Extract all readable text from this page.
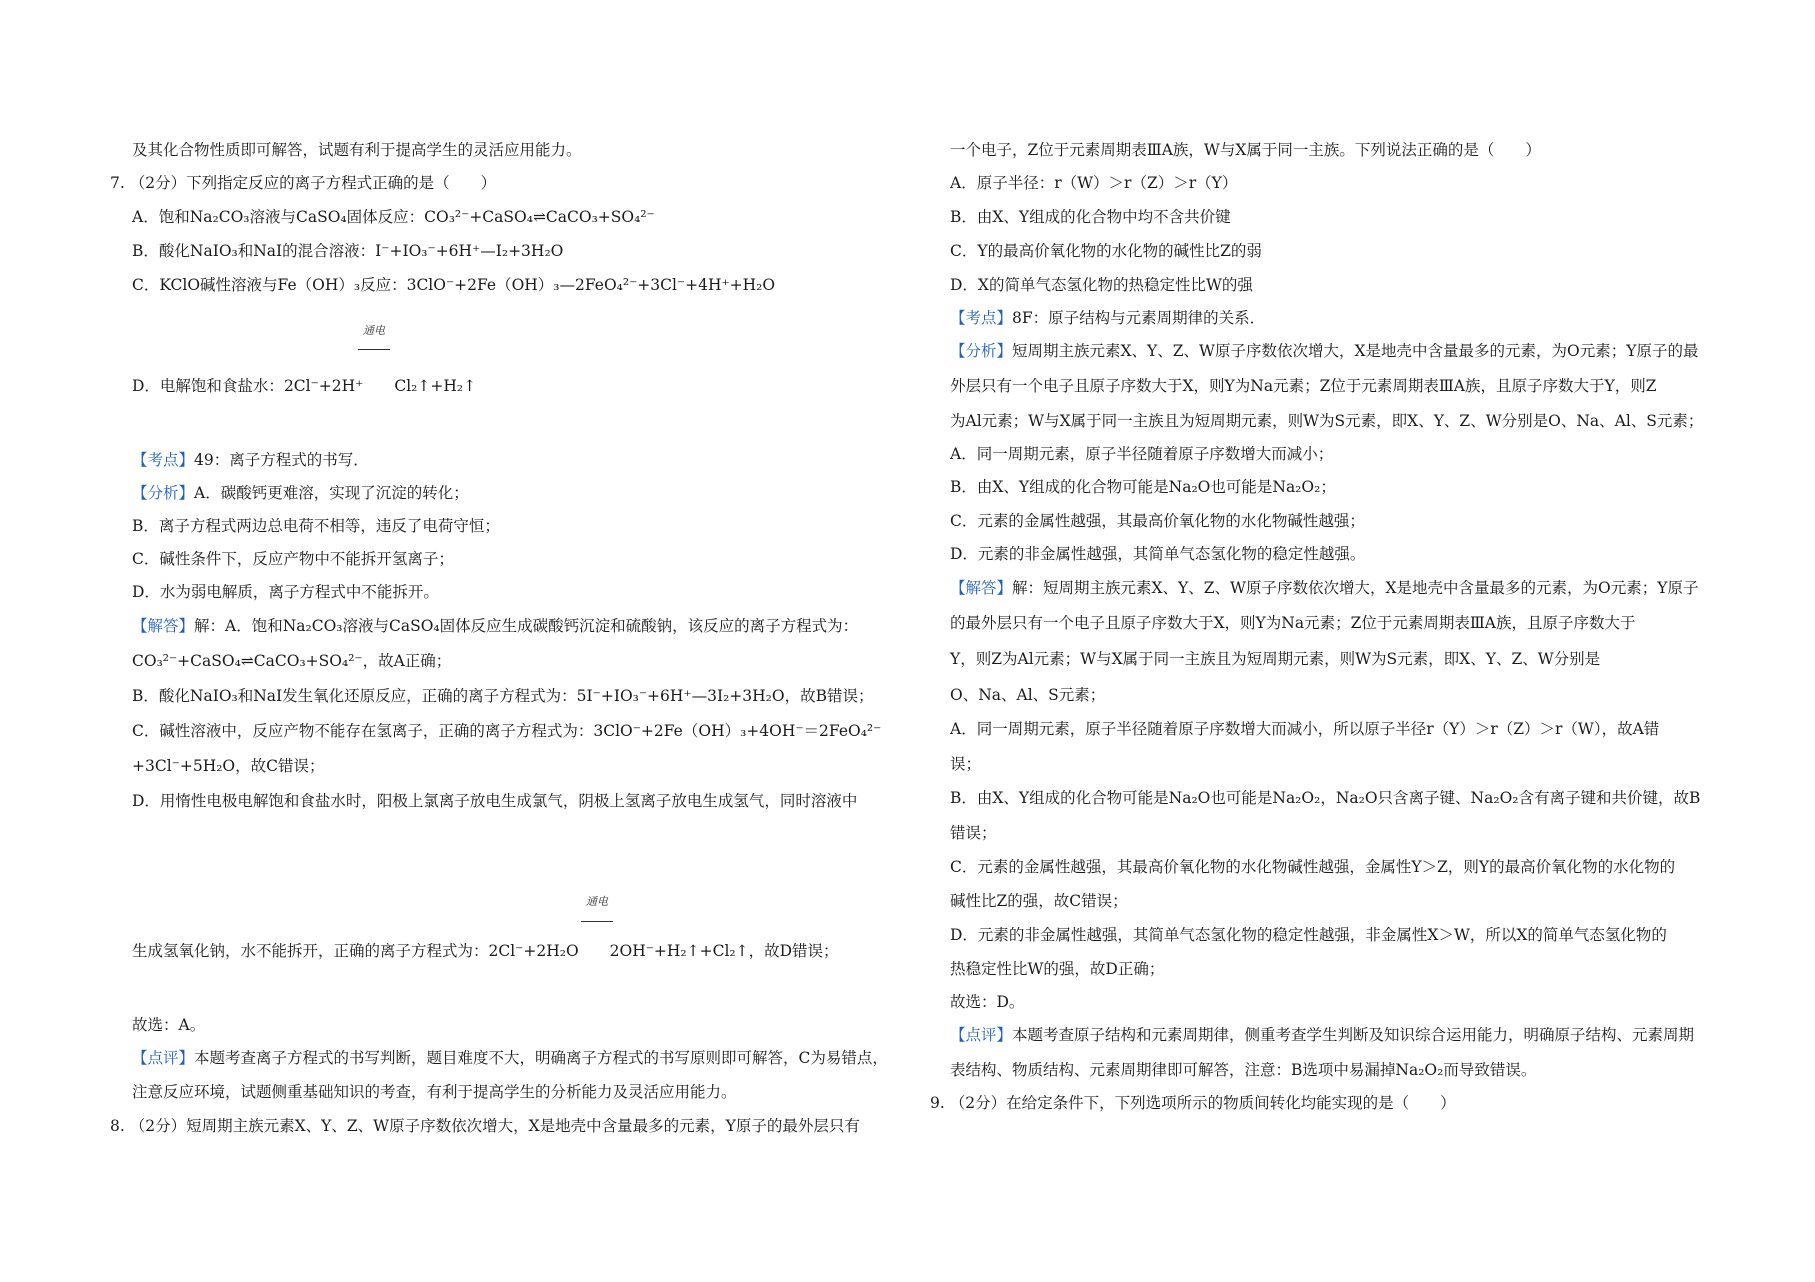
及其化合物性质即可解答，试题有利于提高学生的灵活应用能力。
7. （2分）下列指定反应的离子方程式正确的是（　　）
A．饱和Na₂CO₃溶液与CaSO₄固体反应：CO₃²⁻+CaSO₄⇌CaCO₃+SO₄²⁻
B．酸化NaIO₃和NaI的混合溶液：I⁻+IO₃⁻+6H⁺—I₂+3H₂O
C．KClO碱性溶液与Fe（OH）₃反应：3ClO⁻+2Fe（OH）₃—2FeO₄²⁻+3Cl⁻+4H⁺+H₂O
通电
D．电解饱和食盐水：2Cl⁻+2H⁺　　Cl₂↑+H₂↑
【考点】49：离子方程式的书写．
【分析】A．碳酸钙更难溶，实现了沉淀的转化；
B．离子方程式两边总电荷不相等，违反了电荷守恒；
C．碱性条件下，反应产物中不能拆开氢离子；
D．水为弱电解质，离子方程式中不能拆开。
【解答】解：A．饱和Na₂CO₃溶液与CaSO₄固体反应生成碳酸钙沉淀和硫酸钠，该反应的离子方程式为：
CO₃²⁻+CaSO₄⇌CaCO₃+SO₄²⁻，故A正确；
B．酸化NaIO₃和NaI发生氧化还原反应，正确的离子方程式为：5I⁻+IO₃⁻+6H⁺—3I₂+3H₂O，故B错误；
C．碱性溶液中，反应产物不能存在氢离子，正确的离子方程式为：3ClO⁻+2Fe（OH）₃+4OH⁻＝2FeO₄²⁻
+3Cl⁻+5H₂O，故C错误；
D．用惰性电极电解饱和食盐水时，阳极上氯离子放电生成氯气，阴极上氢离子放电生成氢气，同时溶液中
通电
生成氢氧化钠，水不能拆开，正确的离子方程式为：2Cl⁻+2H₂O　　2OH⁻+H₂↑+Cl₂↑，故D错误；
故选：A。
【点评】本题考查离子方程式的书写判断，题目难度不大，明确离子方程式的书写原则即可解答，C为易错点，
注意反应环境，试题侧重基础知识的考查，有利于提高学生的分析能力及灵活应用能力。
8. （2分）短周期主族元素X、Y、Z、W原子序数依次增大，X是地壳中含量最多的元素，Y原子的最外层只有
一个电子，Z位于元素周期表ⅢA族，W与X属于同一主族。下列说法正确的是（　　）
A．原子半径：r（W）＞r（Z）＞r（Y）
B．由X、Y组成的化合物中均不含共价键
C．Y的最高价氧化物的水化物的碱性比Z的弱
D．X的简单气态氢化物的热稳定性比W的强
【考点】8F：原子结构与元素周期律的关系．
【分析】短周期主族元素X、Y、Z、W原子序数依次增大，X是地壳中含量最多的元素，为O元素；Y原子的最
外层只有一个电子且原子序数大于X，则Y为Na元素；Z位于元素周期表ⅢA族，且原子序数大于Y，则Z
为Al元素；W与X属于同一主族且为短周期元素，则W为S元素，即X、Y、Z、W分别是O、Na、Al、S元素；
A．同一周期元素，原子半径随着原子序数增大而减小；
B．由X、Y组成的化合物可能是Na₂O也可能是Na₂O₂；
C．元素的金属性越强，其最高价氧化物的水化物碱性越强；
D．元素的非金属性越强，其简单气态氢化物的稳定性越强。
【解答】解：短周期主族元素X、Y、Z、W原子序数依次增大，X是地壳中含量最多的元素，为O元素；Y原子
的最外层只有一个电子且原子序数大于X，则Y为Na元素；Z位于元素周期表ⅢA族，且原子序数大于
Y，则Z为Al元素；W与X属于同一主族且为短周期元素，则W为S元素，即X、Y、Z、W分别是
O、Na、Al、S元素；
A．同一周期元素，原子半径随着原子序数增大而减小，所以原子半径r（Y）＞r（Z）＞r（W），故A错
误；
B．由X、Y组成的化合物可能是Na₂O也可能是Na₂O₂，Na₂O只含离子键、Na₂O₂含有离子键和共价键，故B
错误；
C．元素的金属性越强，其最高价氧化物的水化物碱性越强，金属性Y＞Z，则Y的最高价氧化物的水化物的
碱性比Z的强，故C错误；
D．元素的非金属性越强，其简单气态氢化物的稳定性越强，非金属性X＞W，所以X的简单气态氢化物的
热稳定性比W的强，故D正确；
故选：D。
【点评】本题考查原子结构和元素周期律，侧重考查学生判断及知识综合运用能力，明确原子结构、元素周期
表结构、物质结构、元素周期律即可解答，注意：B选项中易漏掉Na₂O₂而导致错误。
9. （2分）在给定条件下，下列选项所示的物质间转化均能实现的是（　　）
